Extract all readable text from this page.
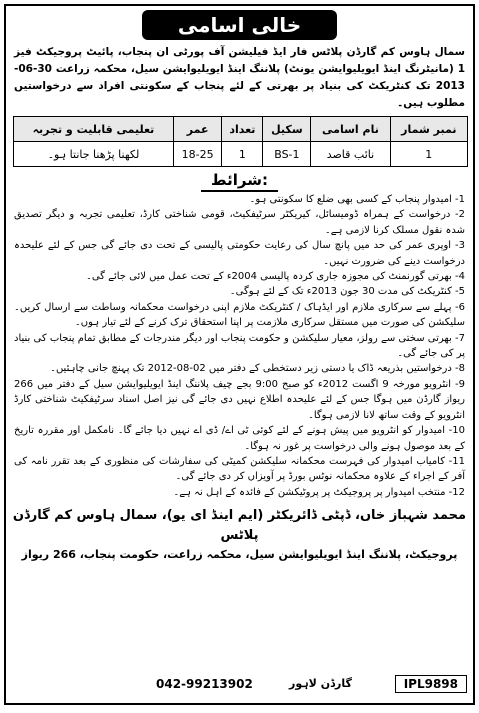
خالی اسامی

سمال ہاوس کم گارڈن پلاٹس فار ایڈ فیلیشن آف پورٹی ان پنجاب، پائیٹ پروجیکٹ فیز 1 (مانیٹرنگ اینڈ ایویلیوایشن یونٹ) پلاننگ اینڈ ایویلیوایشن سیل، محکمہ زراعت 30-06-2013 تک کنٹریکٹ کی بنیاد پر بھرتی کے لئے پنجاب کے سکونتی افراد سے درخواستیں مطلوب ہیں۔

نمبر شمار	نام اسامی	سکیل	تعداد	عمر	تعلیمی قابلیت و تجربہ
1	نائب قاصد	BS-1	1	18-25	لکھنا پڑھنا جانتا ہو۔
شرائط:

1- امیدوار پنجاب کے کسی بھی ضلع کا سکونتی ہو۔

2- درخواست کے ہمراہ ڈومیسائل، کیریکٹر سرٹیفکیٹ، قومی شناختی کارڈ، تعلیمی تجربہ و دیگر تصدیق شدہ نقول مسلک کرنا لازمی ہے۔

3- اوپری عمر کی حد میں پانچ سال کی رعایت حکومتی پالیسی کے تحت دی جائے گی جس کے لئے علیحدہ درخواست دینے کی ضرورت نہیں۔

4- بھرتی گورنمنٹ کی مجوزہ جاری کردہ پالیسی 2004ء کے تحت عمل میں لائی جائے گی۔

5- کنٹریکٹ کی مدت 30 جون 2013ء تک کے لئے ہوگی۔

6- پہلے سے سرکاری ملازم اور ایڈہاک / کنٹریکٹ ملازم اپنی درخواست محکمانہ وساطت سے ارسال کریں۔ سلیکشن کی صورت میں مستقل سرکاری ملازمت پر اپنا استحقاق ترک کرنے کے لئے تیار ہوں۔

7- بھرتی سختی سے رولز، معیار سلیکشن و حکومت پنجاب اور دیگر مندرجات کے مطابق تمام پنجاب کی بنیاد پر کی جائے گی۔

8- درخواستیں بذریعہ ڈاک یا دستی زیر دستخطی کے دفتر میں 02-08-2012 تک پہنچ جانی چاہئیں۔

9- انٹرویو مورخہ 9 اگست 2012ء کو صبح 9:00 بجے چیف پلاننگ اینڈ ایویلیوایشن سیل کے دفتر میں 266 ریواز گارڈن میں ہوگا جس کے لئے علیحدہ اطلاع نہیں دی جائے گی نیز اصل اسناد سرٹیفکیٹ شناختی کارڈ انٹرویو کے وقت ساتھ لانا لازمی ہوگا۔

10- امیدوار کو انٹرویو میں پیش ہونے کے لئے کوئی ٹی اے/ ڈی اے نہیں دیا جائے گا۔ نامکمل اور مقررہ تاریخ کے بعد موصول ہونے والی درخواست پر غور نہ ہوگا۔

11- کامیاب امیدوار کی فہرست محکمانہ سلیکشن کمیٹی کی سفارشات کی منظوری کے بعد تقرر نامہ کی آفر کے اجراء کے علاوہ محکمانہ نوٹس بورڈ پر آویزاں کر دی جائے گی۔

12- منتخب امیدوار پر پروجیکٹ پر پروٹیکشن کے فائدہ کے اہل نہ ہے۔

محمد شہباز خاں، ڈپٹی ڈائریکٹر (ایم اینڈ ای یو)، سمال ہاوس کم گارڈن پلاٹس
پروجیکٹ، پلاننگ اینڈ ایویلیوایشن سیل، محکمہ زراعت، حکومت پنجاب، 266 ریواز
042-99213902	گارڈن لاہور	IPL9898
